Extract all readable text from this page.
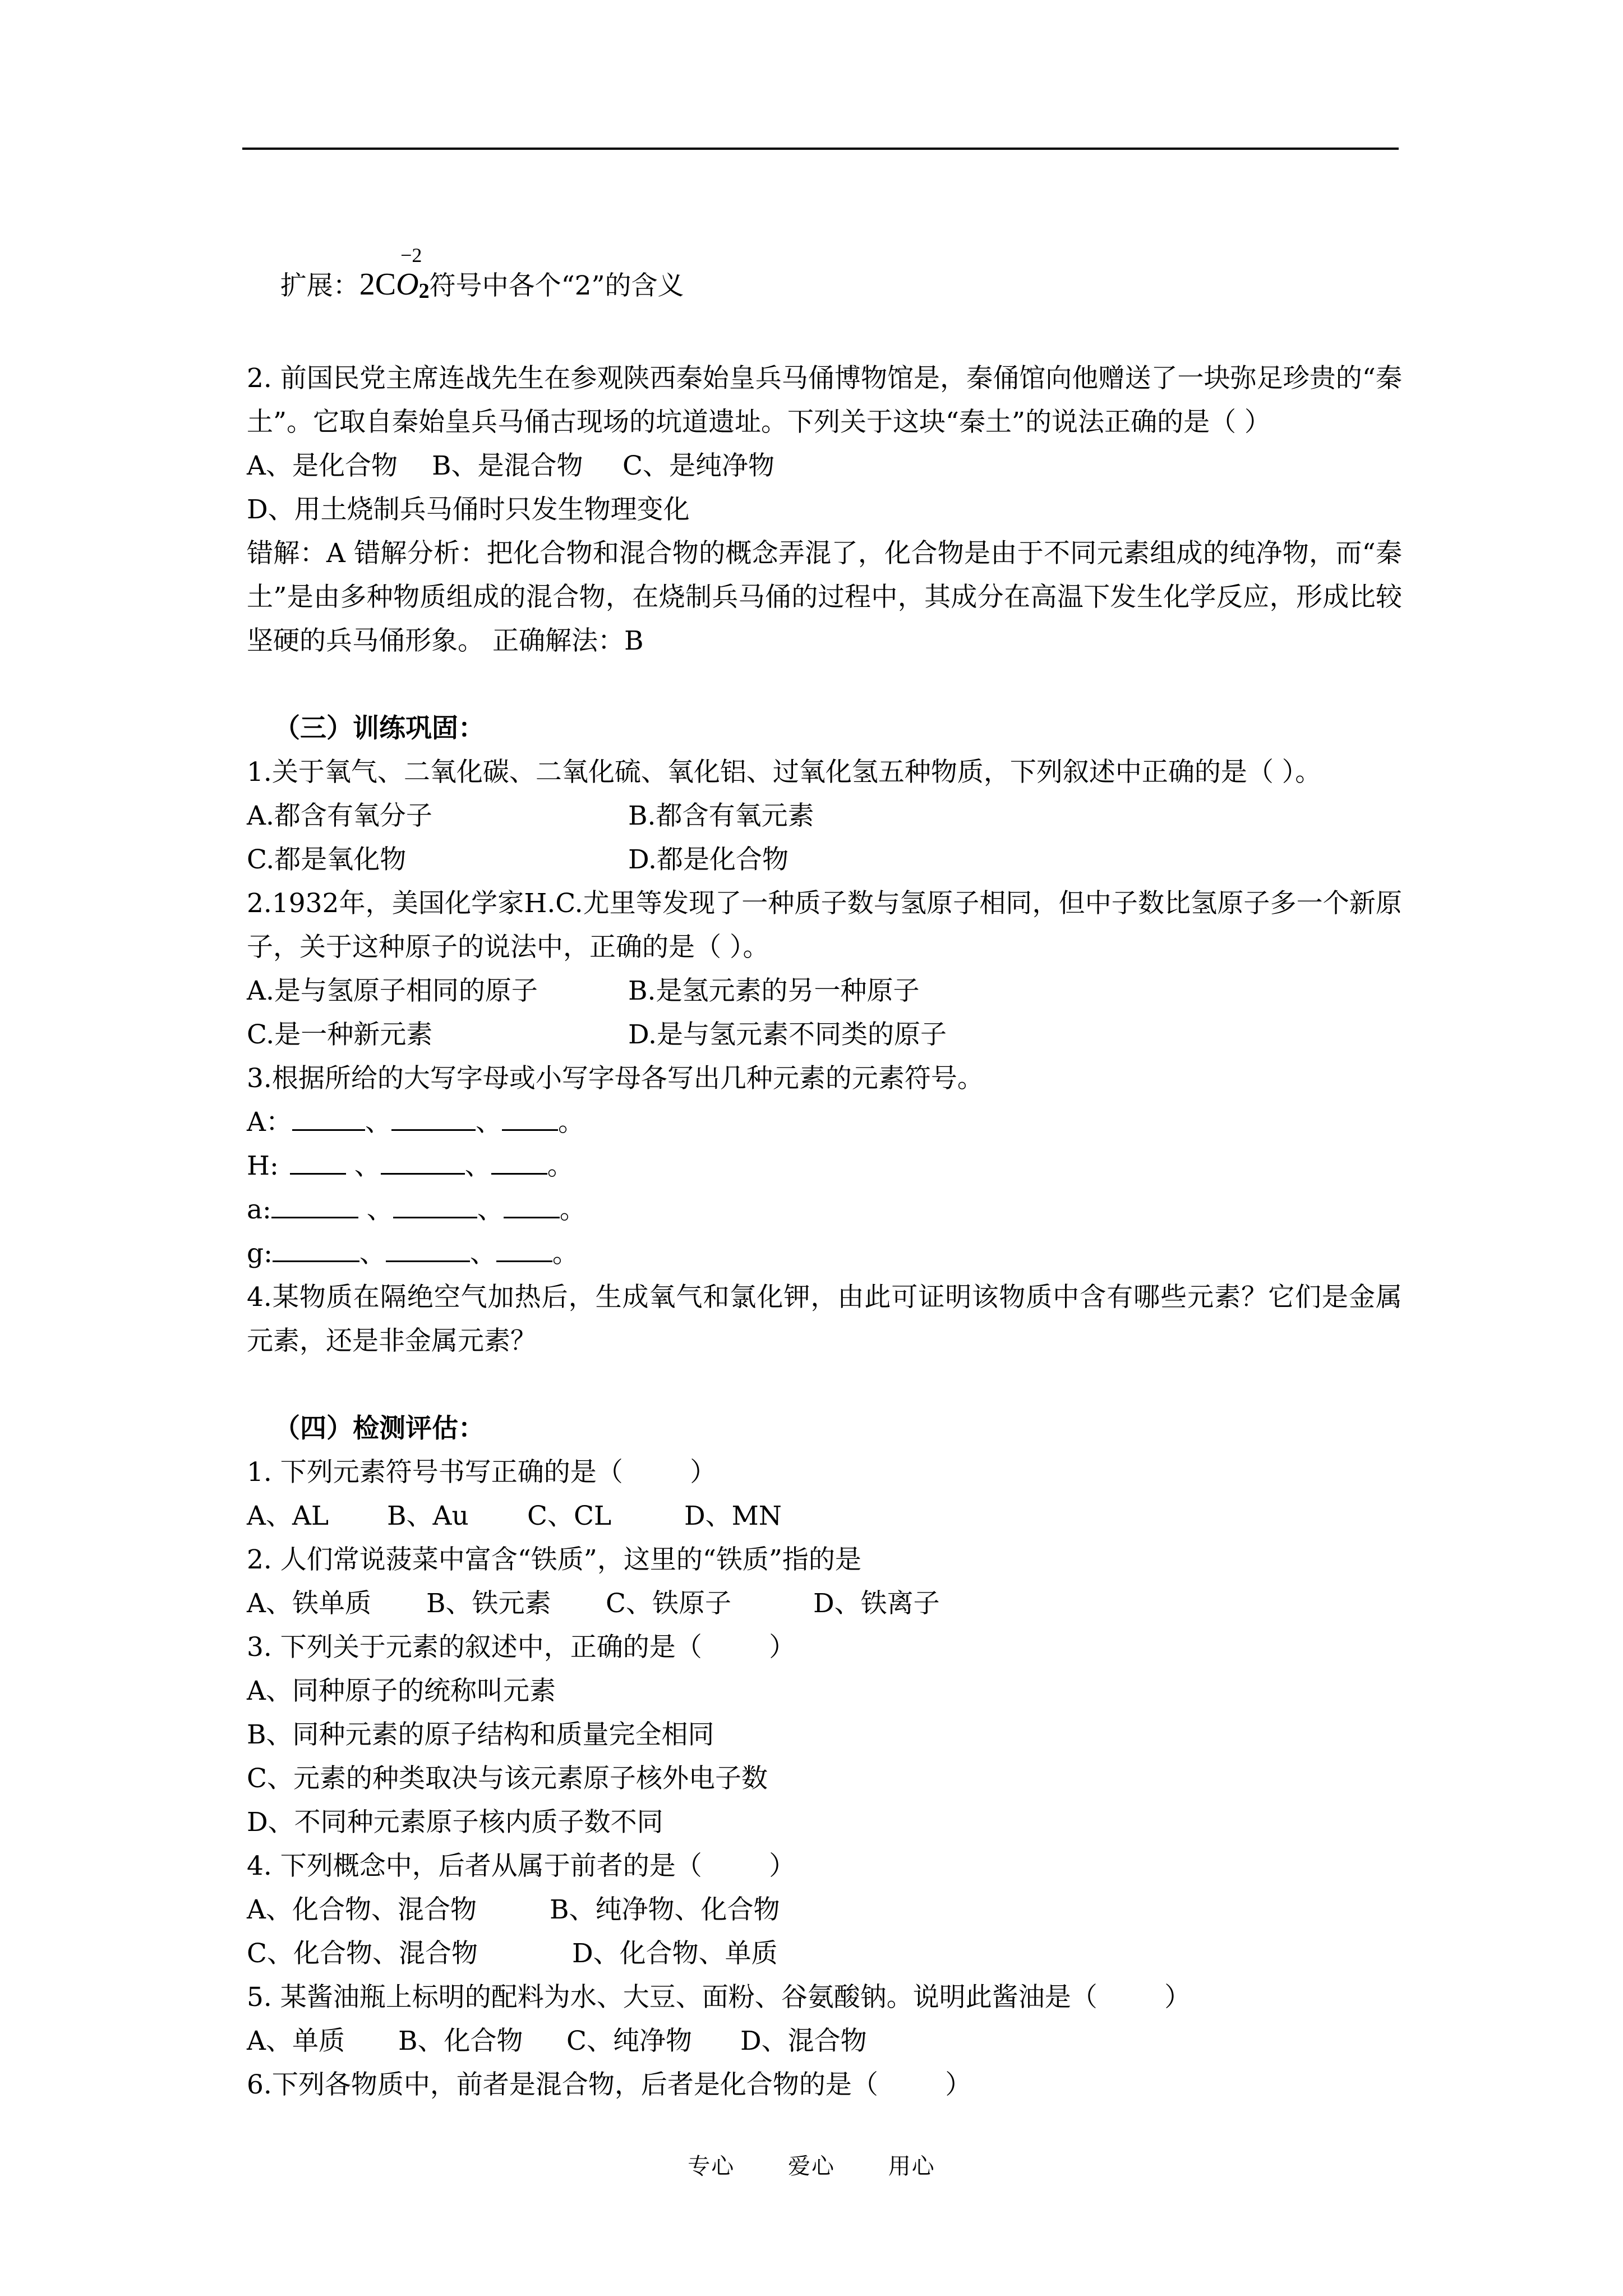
扩展：2CO
−2
$_2$符号中各个“2”的含义

2. 前国民党主席连战先生在参观陕西秦始皇兵马俑博物馆是，秦俑馆向他赠送了一块弥足珍贵的“秦土”。它取自秦始皇兵马俑古现场的坑道遗址。下列关于这块“秦土”的说法正确的是（ ）

A、是化合物 B、是混合物 C、是纯净物

D、用土烧制兵马俑时只发生物理变化

错解：A 错解分析：把化合物和混合物的概念弄混了，化合物是由于不同元素组成的纯净物，而“秦土”是由多种物质组成的混合物，在烧制兵马俑的过程中，其成分在高温下发生化学反应，形成比较坚硬的兵马俑形象。 正确解法：B

（三）训练巩固：

1.关于氧气、二氧化碳、二氧化硫、氧化铝、过氧化氢五种物质，下列叙述中正确的是（ ）。

A.都含有氧分子	B.都含有氧元素

C.都是氧化物	D.都是化合物

2.1932年，美国化学家H.C.尤里等发现了一种质子数与氢原子相同，但中子数比氢原子多一个新原子，关于这种原子的说法中，正确的是（ ）。

A.是与氢原子相同的原子	B.是氢元素的另一种原子

C.是一种新元素	D.是与氢元素不同类的原子

3.根据所给的大写字母或小写字母各写出几种元素的元素符号。

A：	、	、 。

H:	、	、 。

a:	、	、 。

g:	、	、 。

4.某物质在隔绝空气加热后，生成氧气和氯化钾，由此可证明该物质中含有哪些元素？它们是金属元素，还是非金属元素？

（四）检测评估：

1. 下列元素符号书写正确的是（        ）

A、AL B、Au C、CL	D、MN

2. 人们常说菠菜中富含“铁质”，这里的“铁质”指的是

A、铁单质 B、铁元素 C、铁原子	D、铁离子

3. 下列关于元素的叙述中，正确的是（        ）

A、同种原子的统称叫元素

B、同种元素的原子结构和质量完全相同

C、元素的种类取决与该元素原子核外电子数

D、不同种元素原子核内质子数不同

4. 下列概念中，后者从属于前者的是（        ）

A、化合物、混合物	B、纯净物、化合物

C、化合物、混合物	D、化合物、单质

5. 某酱油瓶上标明的配料为水、大豆、面粉、谷氨酸钠。说明此酱油是（        ）

A、单质 B、化合物 C、纯净物 D、混合物

6.下列各物质中，前者是混合物，后者是化合物的是（        ）

专心 爱心 用心
